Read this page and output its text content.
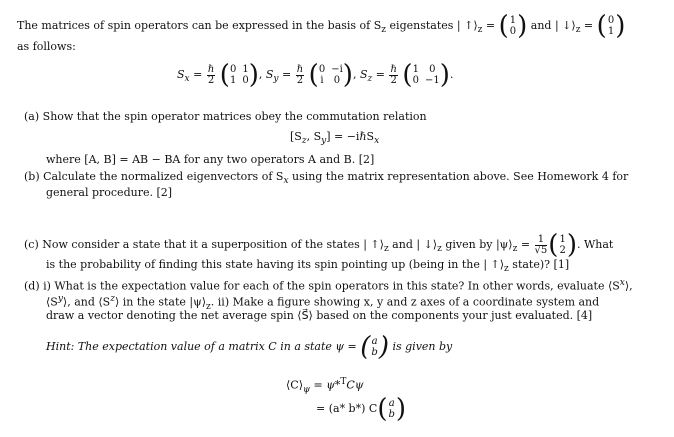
The matrices of spin operators can be expressed in the basis of $S_z$ eigenstates | $↑⟩_z$ = ( 1
0 ) and | $↓⟩_z$ = ( 0
1 )
as follows:
$S_x = \frac{\text{ℏ}}{2}$ ( 0 1
1 0 ), $S_y = \frac{\text{ℏ}}{2}$ ( 0 −i
i 0 ), $S_z = \frac{\text{ℏ}}{2}$ ( 1	0
0 −1 ).
(a) Show that the spin operator matrices obey the commutation relation
[$S_z$, $S_y$] = −iℏS$_x$
where [A, B] = AB − BA for any two operators A and B. [2]
(b) Calculate the normalized eigenvectors of $S_x$ using the matrix representation above. See Homework 4 for
general procedure. [2]
(c) Now consider a state that it a superposition of the states | $↑⟩_z$ and | $↓⟩_z$ given by $|\psi⟩_z = \frac{1}{√5}$ ( 1
2 ). What
is the probability of finding this state having its spin pointing up (being in the | $↑⟩_z$ state)? [1]
(d) i) What is the expectation value for each of the spin operators in this state? In other words, evaluate $⟨S^x⟩$,
$⟨S^y⟩$, and $⟨S^z⟩$ in the state $|\psi⟩_z$. ii) Make a figure showing x, y and z axes of a coordinate system and
draw a vector denoting the net average spin ⟨S⃗⟩ based on the components your just evaluated. [4]
Hint: The expectation value of a matrix C in a state ψ = ( a
b ) is given by
$⟨C⟩_\psi = \psi*^TC\psi$
= (a* b*) C( a
b )
